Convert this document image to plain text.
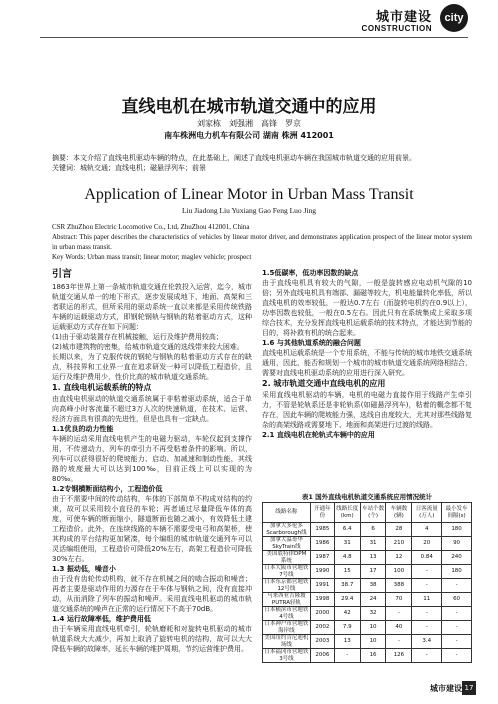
城市建设
CONSTRUCTION
city
直线电机在城市轨道交通中的应用
刘家栋　刘强湘　高锋　罗京
南车株洲电力机车有限公司 湖南 株洲 412001
摘要：本文介绍了直线电机驱动车辆的特点，在此基础上，阐述了直线电机驱动车辆在我国城市轨道交通的应用前景。
关键词：城轨交通；直线电机；磁悬浮列车；前景
Application of Linear Motor in Urban Mass Transit
Liu Jiadong Liu Yuxiang Gao Feng Luo Jing
CSR ZhuZhou Electric Locomotive Co., Ltd, ZhuZhou 412001, China
Abstract: This paper describes the characteristics of vehicles by linear motor driver, and demonstrates application prospect of the linear motor system in urban mass transit.
Key Words: Urban mass transit; linear motor; maglev vehicle; prospect

引言

1863年世界上第一条城市轨道交通在伦敦投入运营，迄今，城市轨道交通从单一的地下形式，逐步发展成地下、地面、高架和三者联运的形式，但所采用的驱动系统一直以来都是采用传统铁路车辆的运载驱动方式，即钢轮钢轨与钢轨的粘着驱动方式，这种运载驱动方式存在如下问题：

(1)由于驱动装置存在机械接触，运行及维护费用较高；

(2)城市建筑物的密集，给城市轨道交通的选线带来较大困难。

长期以来，为了克服传统的钢轮与钢轨的粘着驱动方式存在的缺点，科技界和工业界一直在追求研发一种可以降低工程造价，且运行及维护费用少，性价比高的城市轨道交通系统。

1. 直线电机运载系统的特点

由直线电机驱动的轨道交通系统属于非粘着驱动系统，适合于单向高峰小时客流量不超过3万人次的快速轨道，在技术、运营、经济方面具有很高的先进性，但是也具有一定缺点。

1.1优良的动力性能

车辆的运动采用直线电机产生的电磁力驱动，车轮仅起到支撑作用，不传递动力，列车的牵引力不再受粘着条件的影响。所以，列车可以获得很好的爬坡能力、启动、加减速和制动性能，其线路的坡度最大可以达到100‰，目前正线上可以实现的为80‰。

1.2专钢横断面结构小，工程造价低

由于不需要中间的传动结构，车体的下部简单不构成对结构的约束，故可以采用较小直径的车轮；再者通过尽量降低车体的高度，可使车辆的断面缩小，隧道断面也随之减小，有效降低土建工程造价。此外，在连续线路的车辆不需要受电弓和高架桥，使其构成的平台结构更加紧凑，每个编组的城市轨道交通列车可以灵活编组使用，工程造价可降低20%左右，高架工程造价可降低30%左右。

1.3 振动低，噪音小

由于没有齿轮传动机构，就不存在机械之间的啮合振动和噪音；再者主要是驱动作用的力源存在于车体与钢轨之间，没有直接冲动，从而消除了列车的振动和噪声。采用直线电机驱动的城市轨道交通系统的噪声在正常的运行情况下不高于70dB。

1.4 运行故障率低，维护费用低

由于车辆采用直线电机牵引，轮轨磨耗和对旋转电机驱动的城市轨道系统大大减少，再加上取消了旋转电机的结构，故可以大大降低车辆的故障率，延长车辆的维护周期，节约运营维护费用。

1.5低碳率，低功率因数的缺点

由于直线电机具有较大的气隙，一般是旋转感应电动机气隙的10倍；另外直线电机具有端部、漏磁等较大，机电能量转化率低，所以直线电机的效率较低，一般达0.7左右（而旋转电机约在0.9以上），功率因数也较低，一般在0.5左右。因此只有在系统集成上采取多项综合技术，充分发挥直线电机运载系统的技术特点，才能达到节能的目的，将补救有机的统合起来。

1.6 与其他轨道系统的融合问题

直线电机运载系统是一个专用系统，不能与传统的城市地铁交通系统通用，因此，能否和规划一个城市的城市轨道交通系统网络相结合，需要对直线电机驱动系统的应用进行深入研究。

2. 城市轨道交通中直线电机的应用

采用直线电机驱动的车辆，电机的电磁力直接作用于线路产生牵引力，不管是轮轨系还是非轮轨系(如磁悬浮列车)，粘着的概念都不复存在，因此车辆的爬坡能力强，选线自由度较大，尤其对那些线路复杂的高架线路或需要地下、地面和高架进行过渡的线路。

2.1 直线电机在轮轨式车辆中的应用

表1 国外直线电机轨道交通系统应用情况统计
线路名称	开通年份	线路长度(km)	车站个数(个)	车辆数(辆)	日客流量(万人)	最小发车间隔(s)
加拿大多伦多Scarborough线	1985	6.4	6	28	4	180
加拿大温哥华SkyTrain线	1986	31	31	210	20	90
美国底特律DPM系统	1987	4.8	13	12	0.84	240
日本大阪市营地铁7号线	1990	15	17	100	-	180
日本东京都营地铁12号线	1991	38.7	38	388	-	-
马来西亚吉隆坡PUTRA轻轨	1998	29.4	24	70	11	60
日本横滨市营地铁4号线	2000	42	32	-	-	-
日本神户市营地铁海岸线	2002	7.9	10	40	-	-
美国纽约肯尼迪机场线	2003	13	10	-	3.4	-
日本福冈市营地铁3号线	2006	-	16	126	-	-
城市建设 17
